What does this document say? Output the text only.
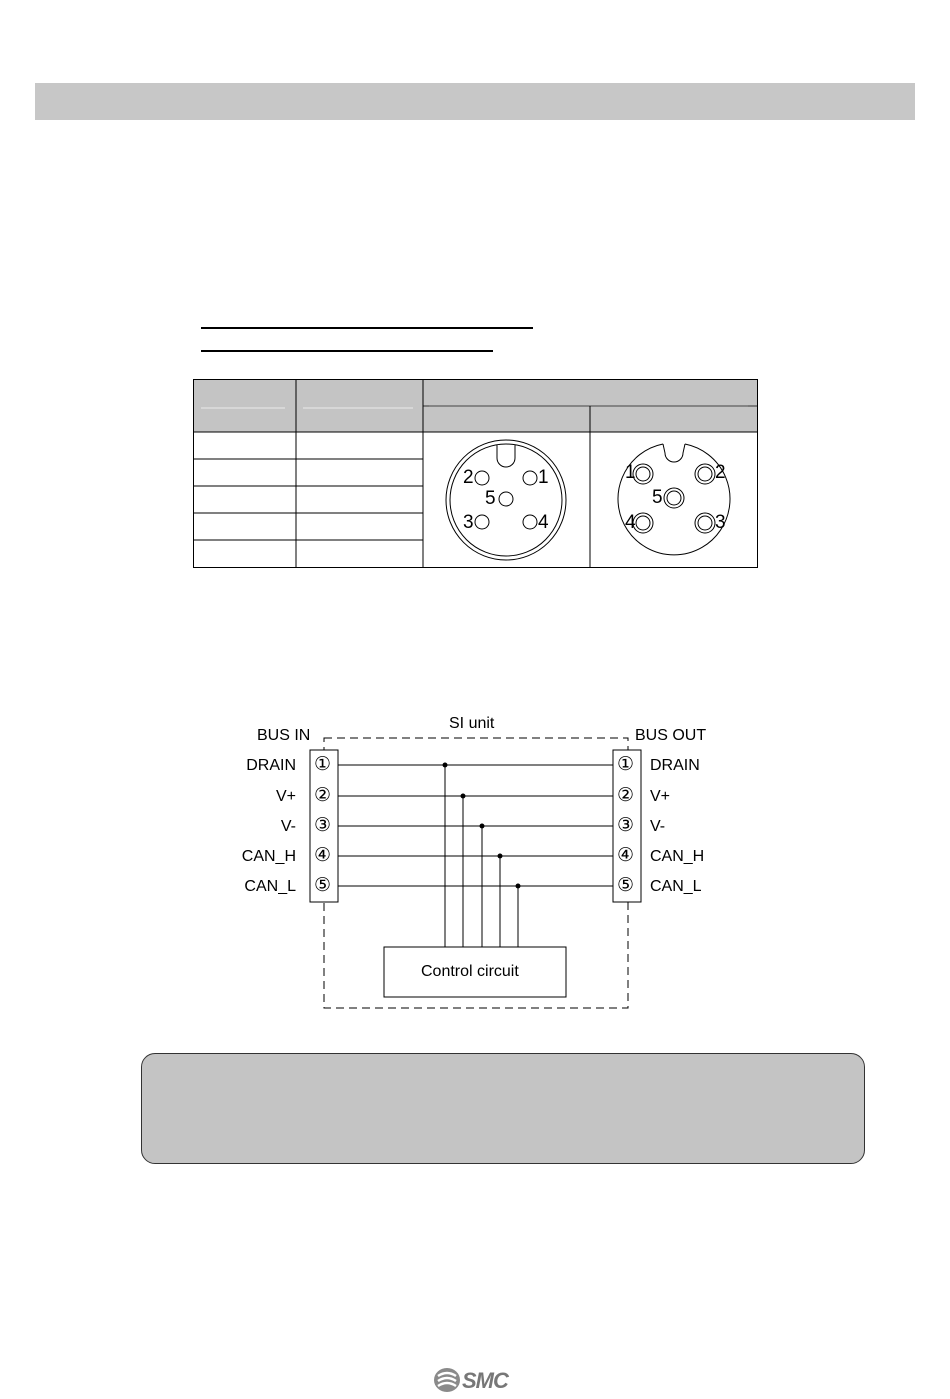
2	1
5
3	4
1	2
5
4	3
SI unit
BUS IN	BUS OUT
DRAIN
V+
V-
CAN_H
CAN_L
①
②
③
④
⑤
①
②
③
④
⑤
DRAIN
V+
V-
CAN_H
CAN_L
Control circuit
SMC
